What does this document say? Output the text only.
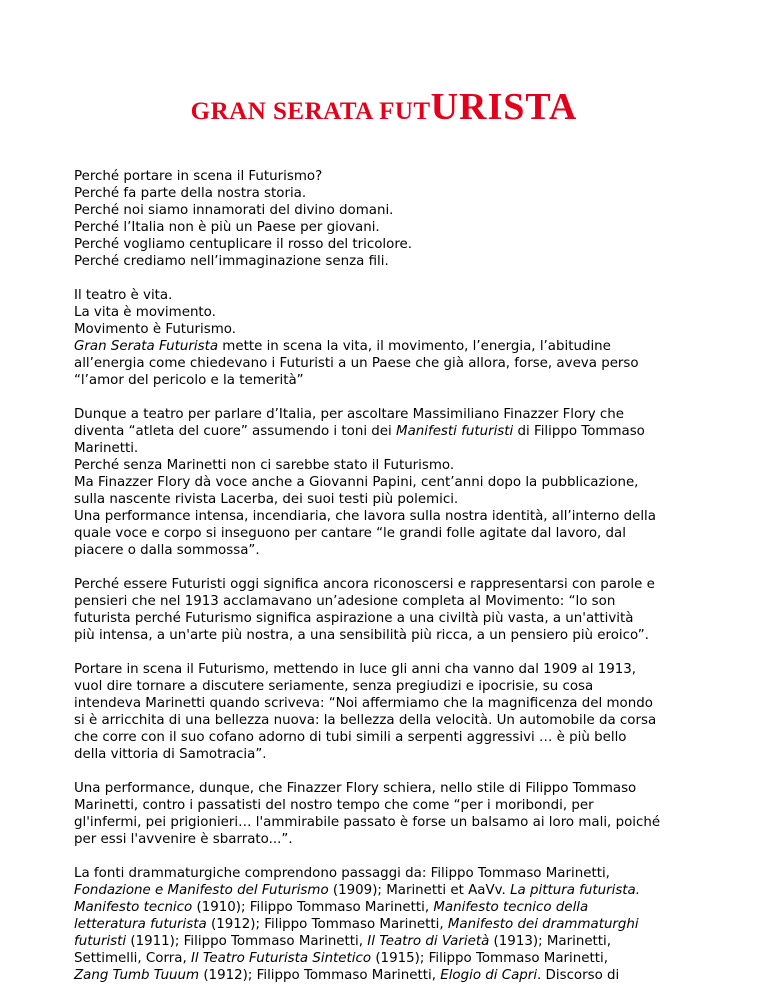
GRAN SERATA FUTURISTA

Perché portare in scena il Futurismo?
Perché fa parte della nostra storia.
Perché noi siamo innamorati del divino domani.
Perché l’Italia non è più un Paese per giovani.
Perché vogliamo centuplicare il rosso del tricolore.
Perché crediamo nell’immaginazione senza fili.

Il teatro è vita.
La vita è movimento.
Movimento è Futurismo.
Gran Serata Futurista mette in scena la vita, il movimento, l’energia, l’abitudine
all’energia come chiedevano i Futuristi a un Paese che già allora, forse, aveva perso
“l’amor del pericolo e la temerità”

Dunque a teatro per parlare d’Italia, per ascoltare Massimiliano Finazzer Flory che
diventa “atleta del cuore” assumendo i toni dei Manifesti futuristi di Filippo Tommaso
Marinetti.
Perché senza Marinetti non ci sarebbe stato il Futurismo.
Ma Finazzer Flory dà voce anche a Giovanni Papini, cent’anni dopo la pubblicazione,
sulla nascente rivista Lacerba, dei suoi testi più polemici.
Una performance intensa, incendiaria, che lavora sulla nostra identità, all’interno della
quale voce e corpo si inseguono per cantare “le grandi folle agitate dal lavoro, dal
piacere o dalla sommossa”.

Perché essere Futuristi oggi significa ancora riconoscersi e rappresentarsi con parole e
pensieri che nel 1913 acclamavano un’adesione completa al Movimento: “lo son
futurista perché Futurismo significa aspirazione a una civiltà più vasta, a un'attività
più intensa, a un'arte più nostra, a una sensibilità più ricca, a un pensiero più eroico”.

Portare in scena il Futurismo, mettendo in luce gli anni cha vanno dal 1909 al 1913,
vuol dire tornare a discutere seriamente, senza pregiudizi e ipocrisie, su cosa
intendeva Marinetti quando scriveva: “Noi affermiamo che la magnificenza del mondo
si è arricchita di una bellezza nuova: la bellezza della velocità. Un automobile da corsa
che corre con il suo cofano adorno di tubi simili a serpenti aggressivi … è più bello
della vittoria di Samotracia”.

Una performance, dunque, che Finazzer Flory schiera, nello stile di Filippo Tommaso
Marinetti, contro i passatisti del nostro tempo che come “per i moribondi, per
gl'infermi, pei prigionieri… l'ammirabile passato è forse un balsamo ai loro mali, poiché
per essi l'avvenire è sbarrato...”.

La fonti drammaturgiche comprendono passaggi da: Filippo Tommaso Marinetti,
Fondazione e Manifesto del Futurismo (1909); Marinetti et AaVv. La pittura futurista.
Manifesto tecnico (1910); Filippo Tommaso Marinetti, Manifesto tecnico della
letteratura futurista (1912); Filippo Tommaso Marinetti, Manifesto dei drammaturghi
futuristi (1911); Filippo Tommaso Marinetti, Il Teatro di Varietà (1913); Marinetti,
Settimelli, Corra, Il Teatro Futurista Sintetico (1915); Filippo Tommaso Marinetti,
Zang Tumb Tuuum (1912); Filippo Tommaso Marinetti, Elogio di Capri. Discorso di
